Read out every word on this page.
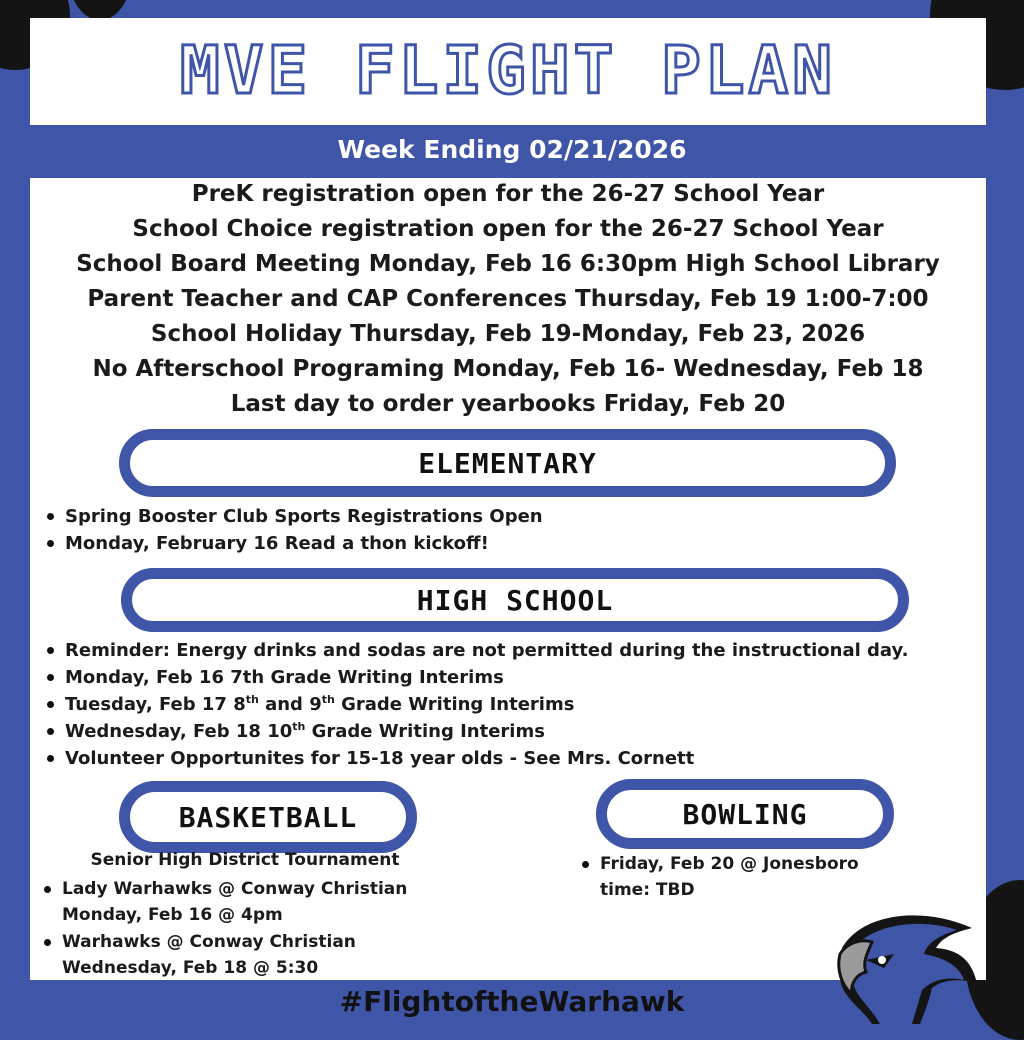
MVE FLIGHT PLAN
Week Ending 02/21/2026
PreK registration open for the 26-27 School Year
School Choice registration open for the 26-27 School Year
School Board Meeting Monday, Feb 16 6:30pm High School Library
Parent Teacher and CAP Conferences Thursday, Feb 19 1:00-7:00
School Holiday Thursday, Feb 19-Monday, Feb 23, 2026
No Afterschool Programing Monday, Feb 16- Wednesday, Feb 18
Last day to order yearbooks Friday, Feb 20
ELEMENTARY
Spring Booster Club Sports Registrations Open
Monday, February 16 Read a thon kickoff!
HIGH SCHOOL
Reminder: Energy drinks and sodas are not permitted during the instructional day.
Monday, Feb 16 7th Grade Writing Interims
Tuesday, Feb 17 8th and 9th Grade Writing Interims
Wednesday, Feb 18 10th Grade Writing Interims
Volunteer Opportunites for 15-18 year olds - See Mrs. Cornett
BASKETBALL
Senior High District Tournament
Lady Warhawks @ Conway Christian
Monday, Feb 16 @ 4pm
Warhawks @ Conway Christian
Wednesday, Feb 18 @ 5:30
BOWLING
Friday, Feb 20 @ Jonesboro
time: TBD
#FlightoftheWarhawk
